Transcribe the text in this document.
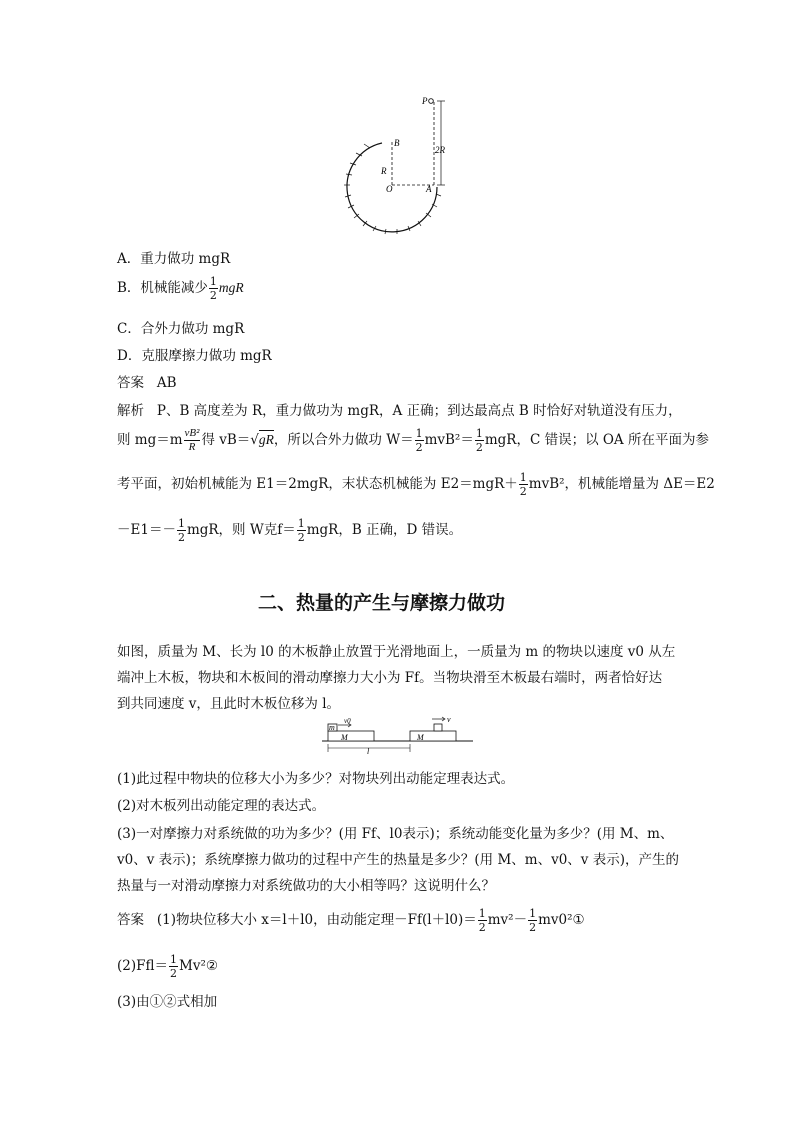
P
B
R
O	A
2R
A．重力做功 mgR
B．机械能减少 $\frac{1}{2}$ mgR
C．合外力做功 mgR
D．克服摩擦力做功 mgR
答案 AB
解析 P、B 高度差为 R，重力做功为 mgR，A 正确；到达最高点 B 时恰好对轨道没有压力，
则 $mg=m \frac{\text{vB²}}{R}$ 得 vB＝√gR，所以合外力做功 $W= \frac{1}{2} mvB^2= \frac{1}{2}$ mgR，C 错误；以 OA 所在平面为参
考平面，初始机械能为 E1＝2mgR，末状态机械能为 $E2=mgR+ \frac{1}{2} mvB^2$，机械能增量为 ΔE＝E2
$-E1=- \frac{1}{2}$ mgR，则 W克$f= \frac{1}{2}$ mgR，B 正确，D 错误。
二、热量的产生与摩擦力做功
如图，质量为 M、长为 l0 的木板静止放置于光滑地面上，一质量为 m 的物块以速度 v0 从左
端冲上木板，物块和木板间的滑动摩擦力大小为 Ff。当物块滑至木板最右端时，两者恰好达
到共同速度 v，且此时木板位移为 l。
m
v0
M	M
v
l
(1)此过程中物块的位移大小为多少？对物块列出动能定理表达式。
(2)对木板列出动能定理的表达式。
(3)一对摩擦力对系统做的功为多少？(用 Ff、l0表示)；系统动能变化量为多少？(用 M、m、
v0、v 表示)；系统摩擦力做功的过程中产生的热量是多少？(用 M、m、v0、v 表示)，产生的
热量与一对滑动摩擦力对系统做功的大小相等吗？这说明什么？
答案 (1)物块位移大小 x＝l＋l0，由动能定理$-Ff(l+l0)= \frac{1}{2} mv^2- \frac{1}{2}$ mv0²①
$(2)Ffl= \frac{1}{2}$ Mv²②
(3)由①②式相加
